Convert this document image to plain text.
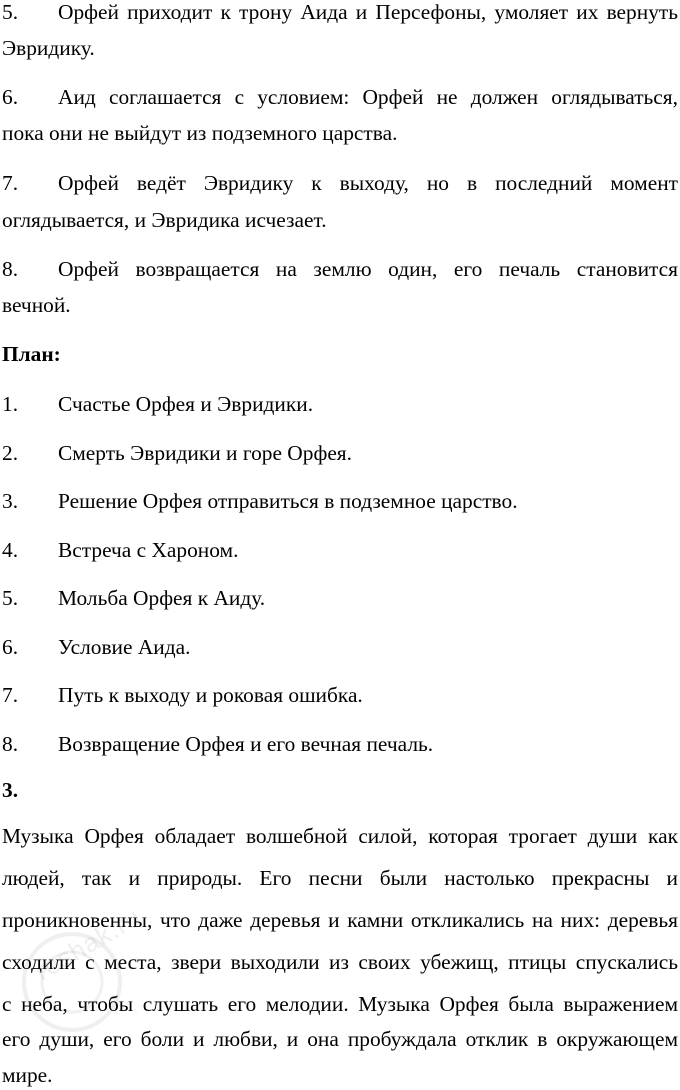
5. Орфей приходит к трону Аида и Персефоны, умоляет их вернуть
Эвридику.
6. Аид соглашается с условием: Орфей не должен оглядываться,
пока они не выйдут из подземного царства.
7. Орфей ведёт Эвридику к выходу, но в последний момент
оглядывается, и Эвридика исчезает.
8. Орфей возвращается на землю один, его печаль становится
вечной.
План:
1. Счастье Орфея и Эвридики.
2. Смерть Эвридики и горе Орфея.
3. Решение Орфея отправиться в подземное царство.
4. Встреча с Хароном.
5. Мольба Орфея к Аиду.
6. Условие Аида.
7. Путь к выходу и роковая ошибка.
8. Возвращение Орфея и его вечная печаль.
3.
Музыка Орфея обладает волшебной силой, которая трогает души как
людей, так и природы. Его песни были настолько прекрасны и
проникновенны, что даже деревья и камни откликались на них: деревья
сходили с места, звери выходили из своих убежищ, птицы спускались
с неба, чтобы слушать его мелодии. Музыка Орфея была выражением
его души, его боли и любви, и она пробуждала отклик в окружающем
мире.
reshak.ru
